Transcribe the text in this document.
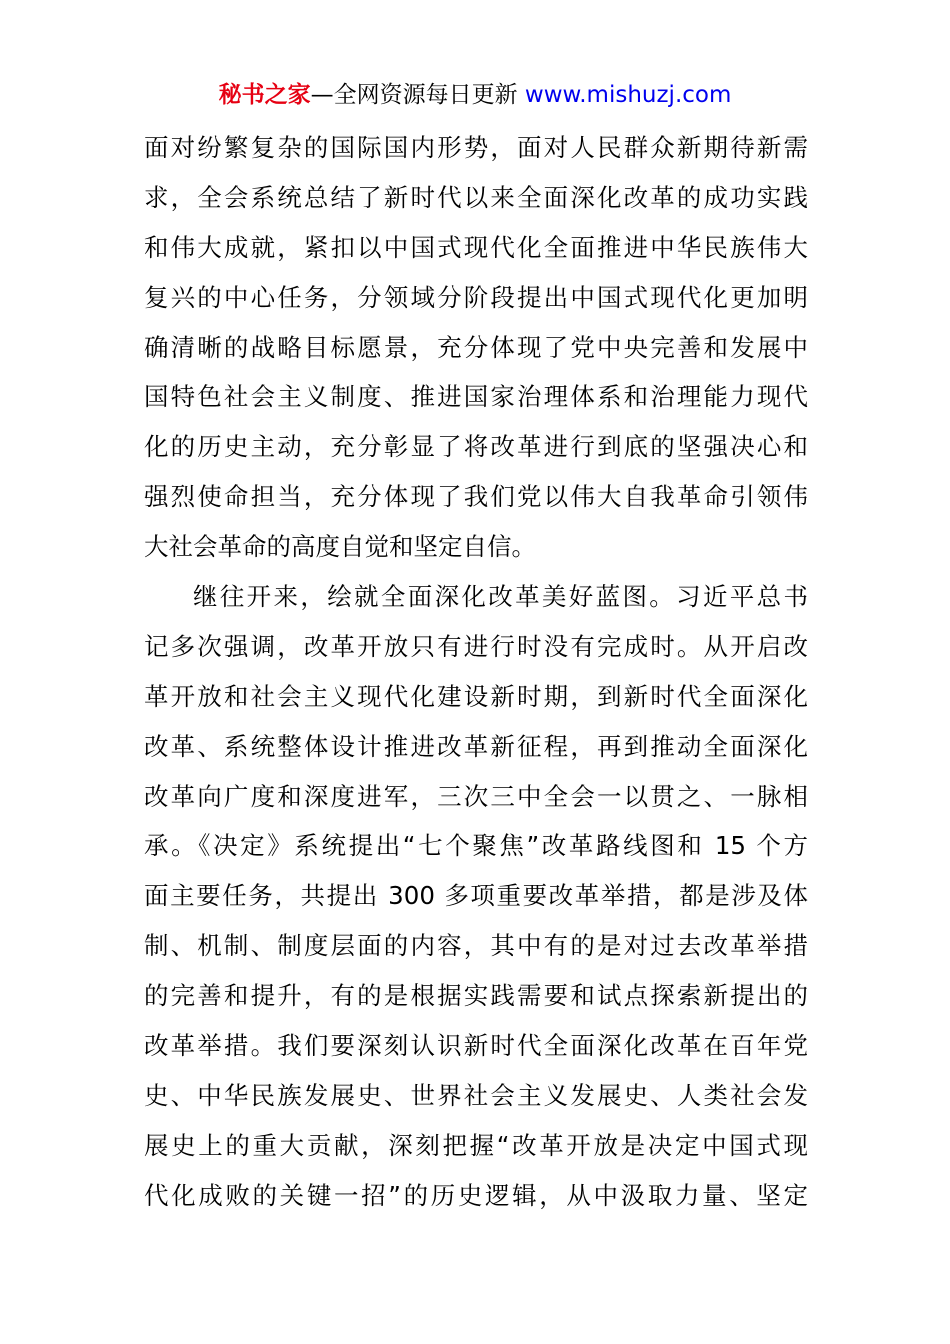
秘书之家—全网资源每日更新 www.mishuzj.com
面对纷繁复杂的国际国内形势，面对人民群众新期待新需
求，全会系统总结了新时代以来全面深化改革的成功实践
和伟大成就，紧扣以中国式现代化全面推进中华民族伟大
复兴的中心任务，分领域分阶段提出中国式现代化更加明
确清晰的战略目标愿景，充分体现了党中央完善和发展中
国特色社会主义制度、推进国家治理体系和治理能力现代
化的历史主动，充分彰显了将改革进行到底的坚强决心和
强烈使命担当，充分体现了我们党以伟大自我革命引领伟
大社会革命的高度自觉和坚定自信。
继往开来，绘就全面深化改革美好蓝图。习近平总书
记多次强调，改革开放只有进行时没有完成时。从开启改
革开放和社会主义现代化建设新时期，到新时代全面深化
改革、系统整体设计推进改革新征程，再到推动全面深化
改革向广度和深度进军，三次三中全会一以贯之、一脉相
承。《决定》系统提出“七个聚焦”改革路线图和 15 个方
面主要任务，共提出 300 多项重要改革举措，都是涉及体
制、机制、制度层面的内容，其中有的是对过去改革举措
的完善和提升，有的是根据实践需要和试点探索新提出的
改革举措。我们要深刻认识新时代全面深化改革在百年党
史、中华民族发展史、世界社会主义发展史、人类社会发
展史上的重大贡献，深刻把握“改革开放是决定中国式现
代化成败的关键一招”的历史逻辑，从中汲取力量、坚定
